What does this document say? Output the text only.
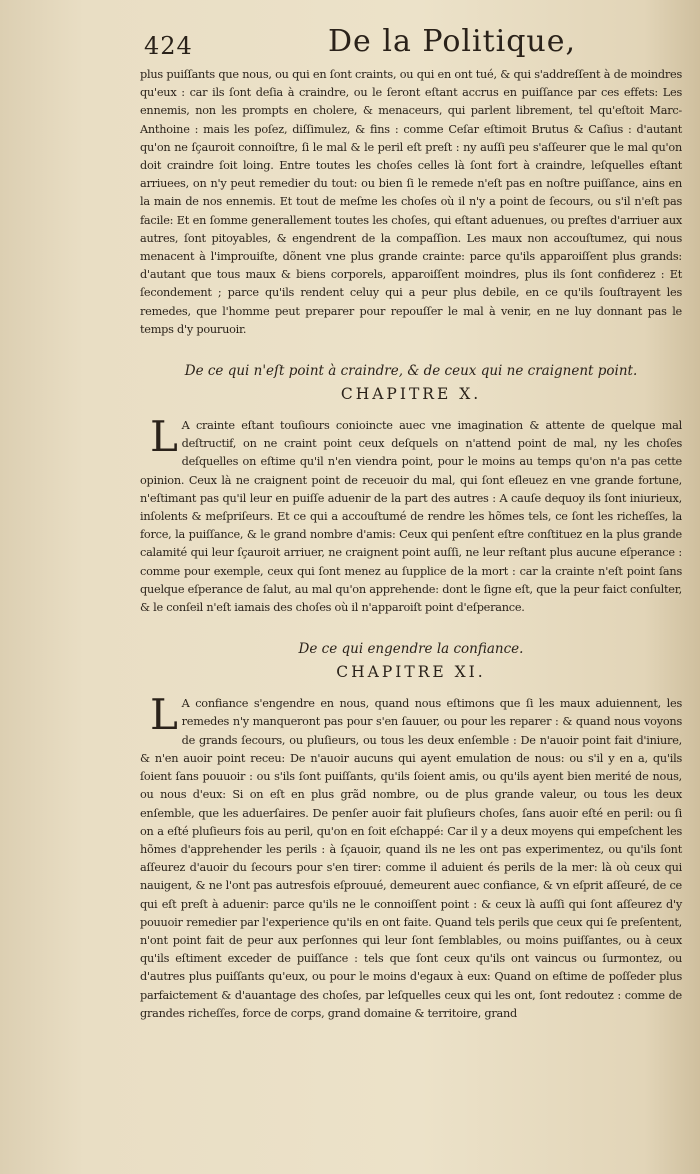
424	De la Politique,

plus puiſſants que nous, ou qui en ſont craints, ou qui en ont tué, & qui s'addreſſent à de moindres qu'eux : car ils ſont deſia à craindre, ou le ſeront eſtant accrus en puiſſance par ces effets: Les ennemis, non les prompts en cholere, & menaceurs, qui parlent librement, tel qu'eſtoit Marc-Anthoine : mais les poſez, diſſimulez, & fins : comme Ceſar eſtimoit Brutus & Caſius : d'autant qu'on ne ſçauroit connoiſtre, ſi le mal & le peril eſt preſt : ny auſſi peu s'aſſeurer que le mal qu'on doit craindre ſoit loing. Entre toutes les choſes celles là ſont fort à craindre, leſquelles eſtant arriuees, on n'y peut remedier du tout: ou bien ſi le remede n'eſt pas en noſtre puiſſance, ains en la main de nos ennemis. Et tout de meſme les choſes où il n'y a point de ſecours, ou s'il n'eſt pas facile: Et en ſomme generallement toutes les choſes, qui eſtant aduenues, ou preſtes d'arriuer aux autres, ſont pitoyables, & engendrent de la compaſſion. Les maux non accouſtumez, qui nous menacent à l'improuiſte, dõnent vne plus grande crainte: parce qu'ils apparoiſſent plus grands: d'autant que tous maux & biens corporels, apparoiſſent moindres, plus ils ſont confiderez : Et ſecondement ; parce qu'ils rendent celuy qui a peur plus debile, en ce qu'ils ſouſtrayent les remedes, que l'homme peut preparer pour repouſſer le mal à venir, en ne luy donnant pas le temps d'y pouruoir.

De ce qui n'eſt point à craindre, & de ceux qui ne craignent point.
CHAPITRE X.

L A crainte eſtant touſiours conioincte auec vne imagination & attente de quelque mal deſtructif, on ne craint point ceux deſquels on n'attend point de mal, ny les choſes deſquelles on eſtime qu'il n'en viendra point, pour le moins au temps qu'on n'a pas cette opinion. Ceux là ne craignent point de receuoir du mal, qui ſont eſleuez en vne grande fortune, n'eſtimant pas qu'il leur en puiſſe aduenir de la part des autres : A cauſe dequoy ils ſont iniurieux, inſolents & meſpriſeurs. Et ce qui a accouſtumé de rendre les hõmes tels, ce ſont les richeſſes, la force, la puiſſance, & le grand nombre d'amis: Ceux qui penſent eſtre conſtituez en la plus grande calamité qui leur ſçauroit arriuer, ne craignent point auſſi, ne leur reſtant plus aucune eſperance : comme pour exemple, ceux qui ſont menez au ſupplice de la mort : car la crainte n'eſt point ſans quelque eſperance de ſalut, au mal qu'on apprehende: dont le ſigne eſt, que la peur faict conſulter, & le conſeil n'eſt iamais des choſes où il n'apparoiſt point d'eſperance.

De ce qui engendre la confiance.
CHAPITRE XI.

L A confiance s'engendre en nous, quand nous eſtimons que ſi les maux aduiennent, les remedes n'y manqueront pas pour s'en ſauuer, ou pour les reparer : & quand nous voyons de grands ſecours, ou pluſieurs, ou tous les deux enſemble : De n'auoir point fait d'iniure, & n'en auoir point receu: De n'auoir aucuns qui ayent emulation de nous: ou s'il y en a, qu'ils ſoient ſans pouuoir : ou s'ils ſont puiſſants, qu'ils ſoient amis, ou qu'ils ayent bien merité de nous, ou nous d'eux: Si on eſt en plus grãd nombre, ou de plus grande valeur, ou tous les deux enſemble, que les aduerſaires. De penſer auoir fait pluſieurs choſes, ſans auoir eſté en peril: ou ſi on a eſté pluſieurs fois au peril, qu'on en ſoit eſchappé: Car il y a deux moyens qui empeſchent les hõmes d'apprehender les perils : à ſçauoir, quand ils ne les ont pas experimentez, ou qu'ils ſont aſſeurez d'auoir du ſecours pour s'en tirer: comme il aduient és perils de la mer: là où ceux qui nauigent, & ne l'ont pas autresfois eſprouué, demeurent auec confiance, & vn eſprit aſſeuré, de ce qui eſt preſt à aduenir: parce qu'ils ne le connoiſſent point : & ceux là auſſi qui ſont aſſeurez d'y pouuoir remedier par l'experience qu'ils en ont faite. Quand tels perils que ceux qui ſe preſentent, n'ont point fait de peur aux perſonnes qui leur ſont ſemblables, ou moins puiſſantes, ou à ceux qu'ils eſtiment exceder de puiſſance : tels que ſont ceux qu'ils ont vaincus ou ſurmontez, ou d'autres plus puiſſants qu'eux, ou pour le moins d'egaux à eux: Quand on eſtime de poſſeder plus parfaictement & d'auantage des choſes, par leſquelles ceux qui les ont, ſont redoutez : comme de grandes richeſſes, force de corps, grand domaine & territoire, grand
